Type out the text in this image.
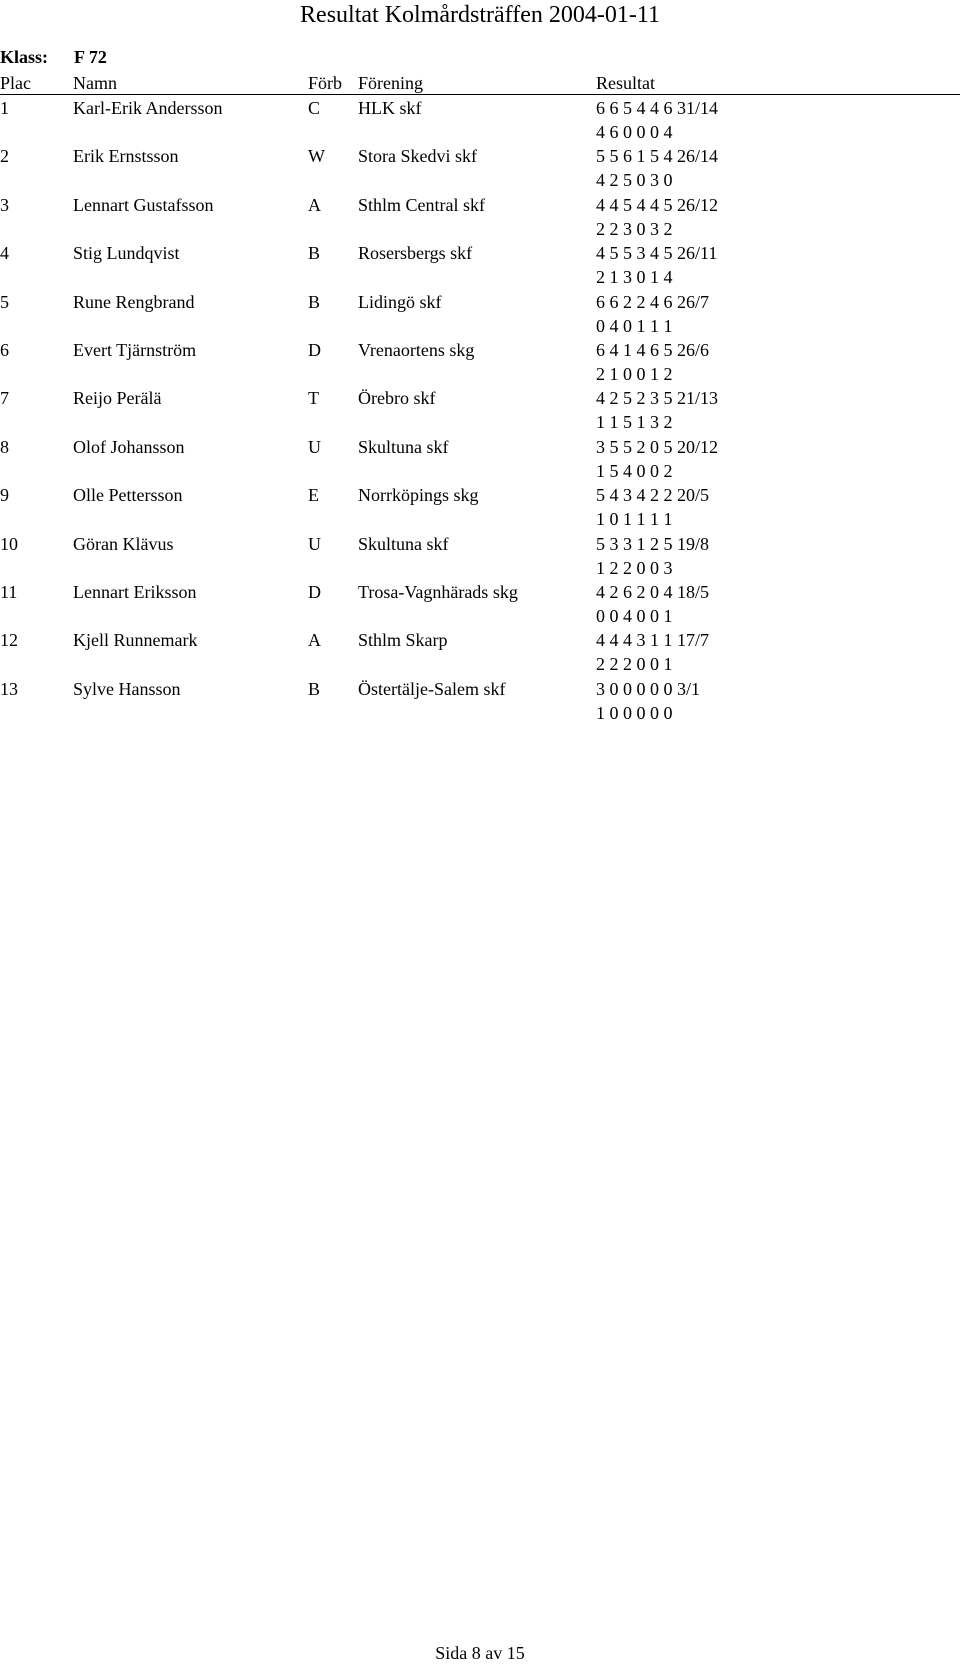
Resultat Kolmårdsträffen 2004-01-11
Klass: F 72
Plac Namn	Förb Förening	Resultat
1	Karl-Erik Andersson	C HLK skf	6 6 5 4 4 6 31/14
4 6 0 0 0 4
2	Erik Ernstsson	W Stora Skedvi skf	5 5 6 1 5 4 26/14
4 2 5 0 3 0
3	Lennart Gustafsson	A Sthlm Central skf	4 4 5 4 4 5 26/12
2 2 3 0 3 2
4	Stig Lundqvist	B Rosersbergs skf	4 5 5 3 4 5 26/11
2 1 3 0 1 4
5	Rune Rengbrand	B Lidingö skf	6 6 2 2 4 6 26/7
0 4 0 1 1 1
6	Evert Tjärnström	D Vrenaortens skg	6 4 1 4 6 5 26/6
2 1 0 0 1 2
7	Reijo Perälä	T Örebro skf	4 2 5 2 3 5 21/13
1 1 5 1 3 2
8	Olof Johansson	U Skultuna skf	3 5 5 2 0 5 20/12
1 5 4 0 0 2
9	Olle Pettersson	E Norrköpings skg	5 4 3 4 2 2 20/5
1 0 1 1 1 1
10	Göran Klävus	U Skultuna skf	5 3 3 1 2 5 19/8
1 2 2 0 0 3
11	Lennart Eriksson	D Trosa-Vagnhärads skg	4 2 6 2 0 4 18/5
0 0 4 0 0 1
12	Kjell Runnemark	A Sthlm Skarp	4 4 4 3 1 1 17/7
2 2 2 0 0 1
13	Sylve Hansson	B Östertälje-Salem skf	3 0 0 0 0 0 3/1
1 0 0 0 0 0
Sida 8 av 15
